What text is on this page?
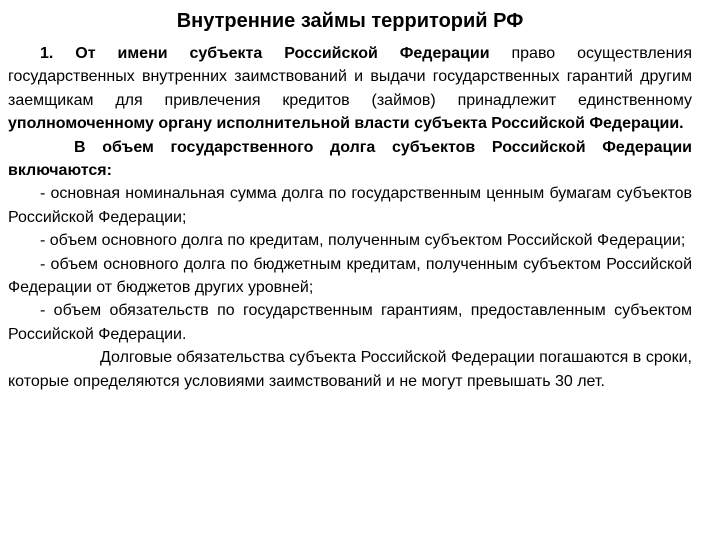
Внутренние займы территорий РФ

1. От имени субъекта Российской Федерации право осуществления государственных внутренних заимствований и выдачи государственных гарантий другим заемщикам для привлечения кредитов (займов) принадлежит единственному уполномоченному органу исполнительной власти субъекта Российской Федерации.

В объем государственного долга субъектов Российской Федерации включаются:

- основная номинальная сумма долга по государственным ценным бумагам субъектов Российской Федерации;

- объем основного долга по кредитам, полученным субъектом Российской Федерации;

- объем основного долга по бюджетным кредитам, полученным субъектом Российской Федерации от бюджетов других уровней;

- объем обязательств по государственным гарантиям, предоставленным субъектом Российской Федерации.

Долговые обязательства субъекта Российской Федерации погашаются в сроки, которые определяются условиями заимствований и не могут превышать 30 лет.
